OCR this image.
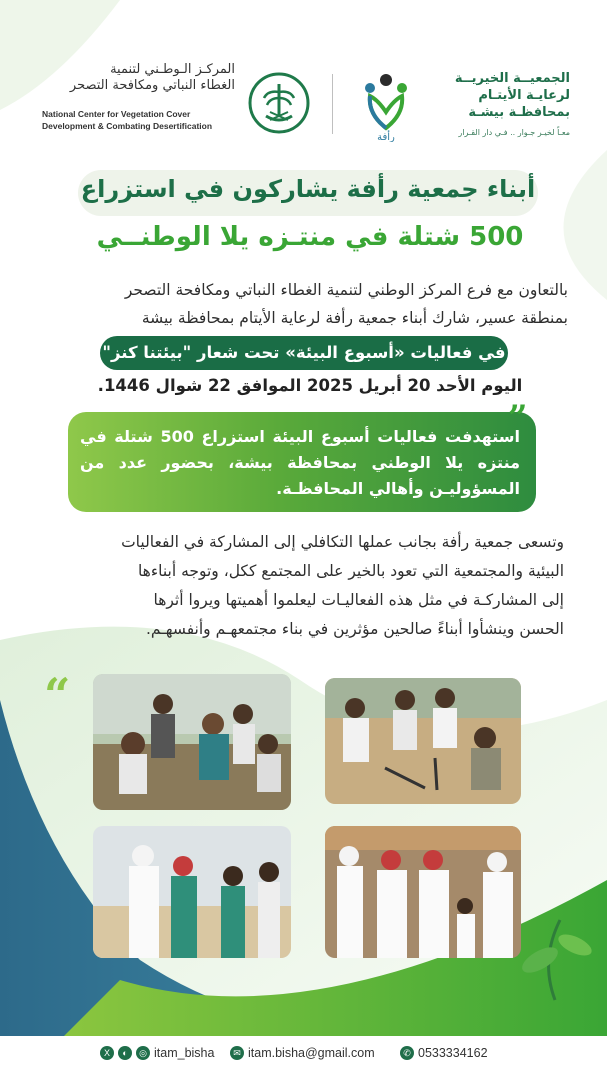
المركـز الـوطـني لتنمية
الغطاء النباتي ومكافحة التصحر
National Center for Vegetation Cover
Development & Combating Desertification
الجمعيــة الخيريــة
لرعايـة الأيتـام
بمحافظـة بيشـة
معـاً لخيـر جـوار .. فـي دار القـرار
رأفة
أبناء جمعية رأفة يشاركون في استزراع
500 شتلة في منتـزه يلا الوطنــي
بالتعاون مع فرع المركز الوطني لتنمية الغطاء النباتي ومكافحة التصحر
بمنطقة عسير، شارك أبناء جمعية رأفة لرعاية الأيتام بمحافظة بيشة
في فعاليات «أسبوع البيئة» تحت شعار "بيئتنا كنز"
اليوم الأحد 20 أبريل 2025 الموافق 22 شوال 1446.
”
استهدفت فعاليات أسبوع البيئة استزراع 500 شتلة في منتزه يلا الوطني بمحافظة بيشة، بحضور عدد من المسؤوليـن وأهالي المحافظـة.
وتسعى جمعية رأفة بجانب عملها التكافلي إلى المشاركة في الفعاليات
البيئية والمجتمعية التي تعود بالخير على المجتمع ككل، وتوجه أبناءها
إلى المشاركـة في مثل هذه الفعاليـات ليعلموا أهميتها ويروا أثرها
الحسن وينشأوا أبناءً صالحين مؤثرين في بناء مجتمعهـم وأنفسهـم.
“
X	◐	◎ itam_bisha	✉ itam.bisha@gmail.com	✆ 0533334162
